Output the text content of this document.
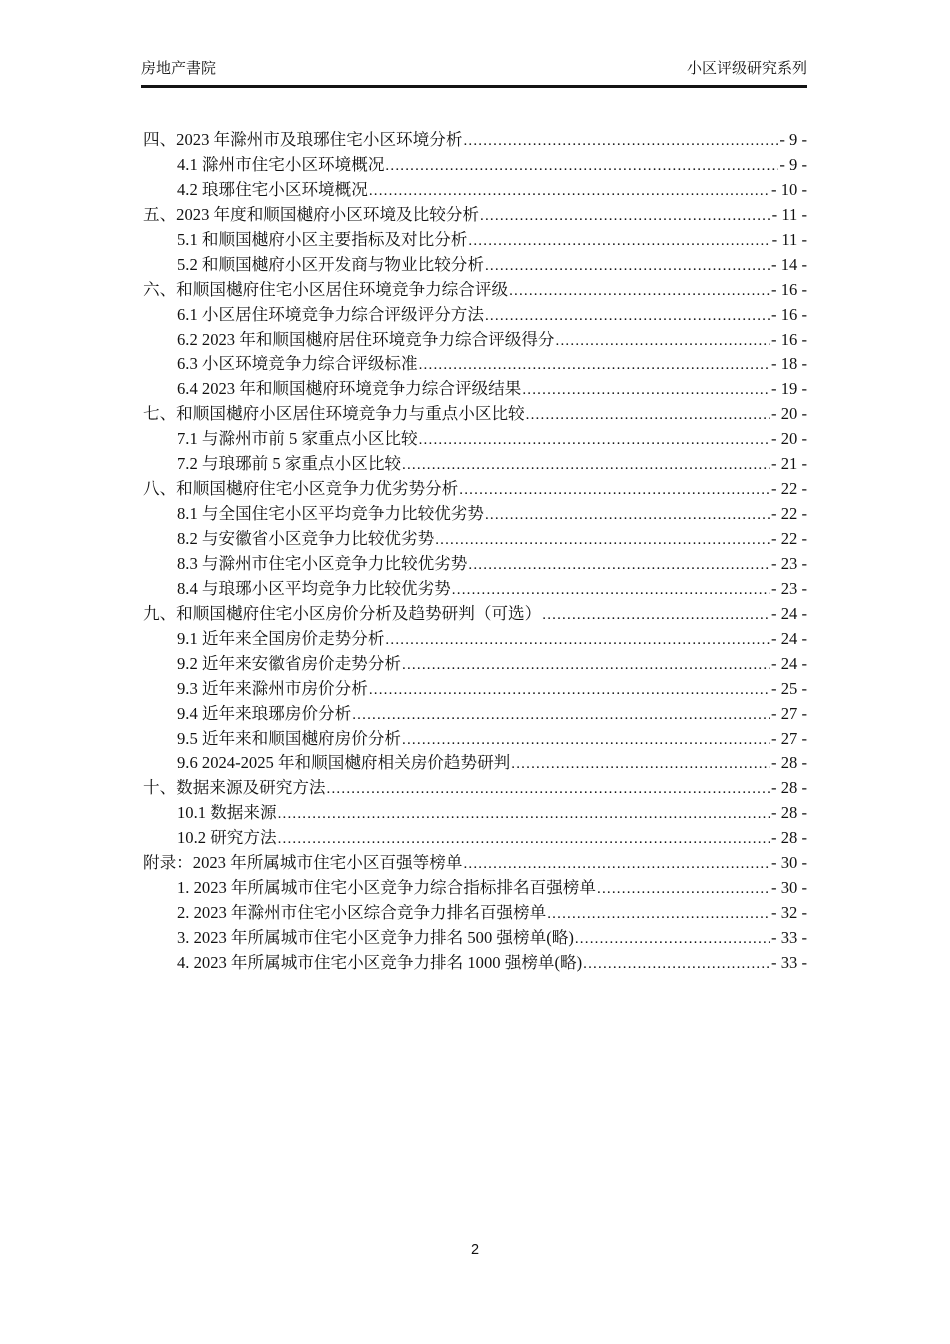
房地产書院	小区评级研究系列
四、2023 年滁州市及琅琊住宅小区环境分析 .....	- 9 -
4.1 滁州市住宅小区环境概况 .....	- 9 -
4.2 琅琊住宅小区环境概况 .....	- 10 -
五、2023 年度和顺国樾府小区环境及比较分析 .....	- 11 -
5.1 和顺国樾府小区主要指标及对比分析 .....	- 11 -
5.2 和顺国樾府小区开发商与物业比较分析 .....	- 14 -
六、和顺国樾府住宅小区居住环境竞争力综合评级 .....	- 16 -
6.1 小区居住环境竞争力综合评级评分方法 .....	- 16 -
6.2 2023 年和顺国樾府居住环境竞争力综合评级得分 .....	- 16 -
6.3 小区环境竞争力综合评级标准 .....	- 18 -
6.4 2023 年和顺国樾府环境竞争力综合评级结果 .....	- 19 -
七、和顺国樾府小区居住环境竞争力与重点小区比较 .....	- 20 -
7.1 与滁州市前 5 家重点小区比较 .....	- 20 -
7.2 与琅琊前 5 家重点小区比较 .....	- 21 -
八、和顺国樾府住宅小区竞争力优劣势分析 .....	- 22 -
8.1 与全国住宅小区平均竞争力比较优劣势 .....	- 22 -
8.2 与安徽省小区竞争力比较优劣势 .....	- 22 -
8.3 与滁州市住宅小区竞争力比较优劣势 .....	- 23 -
8.4 与琅琊小区平均竞争力比较优劣势 .....	- 23 -
九、和顺国樾府住宅小区房价分析及趋势研判（可选） .....	- 24 -
9.1 近年来全国房价走势分析 .....	- 24 -
9.2 近年来安徽省房价走势分析 .....	- 24 -
9.3 近年来滁州市房价分析 .....	- 25 -
9.4 近年来琅琊房价分析 .....	- 27 -
9.5 近年来和顺国樾府房价分析 .....	- 27 -
9.6 2024-2025 年和顺国樾府相关房价趋势研判 .....	- 28 -
十、数据来源及研究方法 .....	- 28 -
10.1 数据来源 .....	- 28 -
10.2 研究方法 .....	- 28 -
附录：2023 年所属城市住宅小区百强等榜单 .....	- 30 -
1. 2023 年所属城市住宅小区竞争力综合指标排名百强榜单 .....	- 30 -
2. 2023 年滁州市住宅小区综合竞争力排名百强榜单 .....	- 32 -
3. 2023 年所属城市住宅小区竞争力排名 500 强榜单(略) .....	- 33 -
4. 2023 年所属城市住宅小区竞争力排名 1000 强榜单(略) .....	- 33 -
2
